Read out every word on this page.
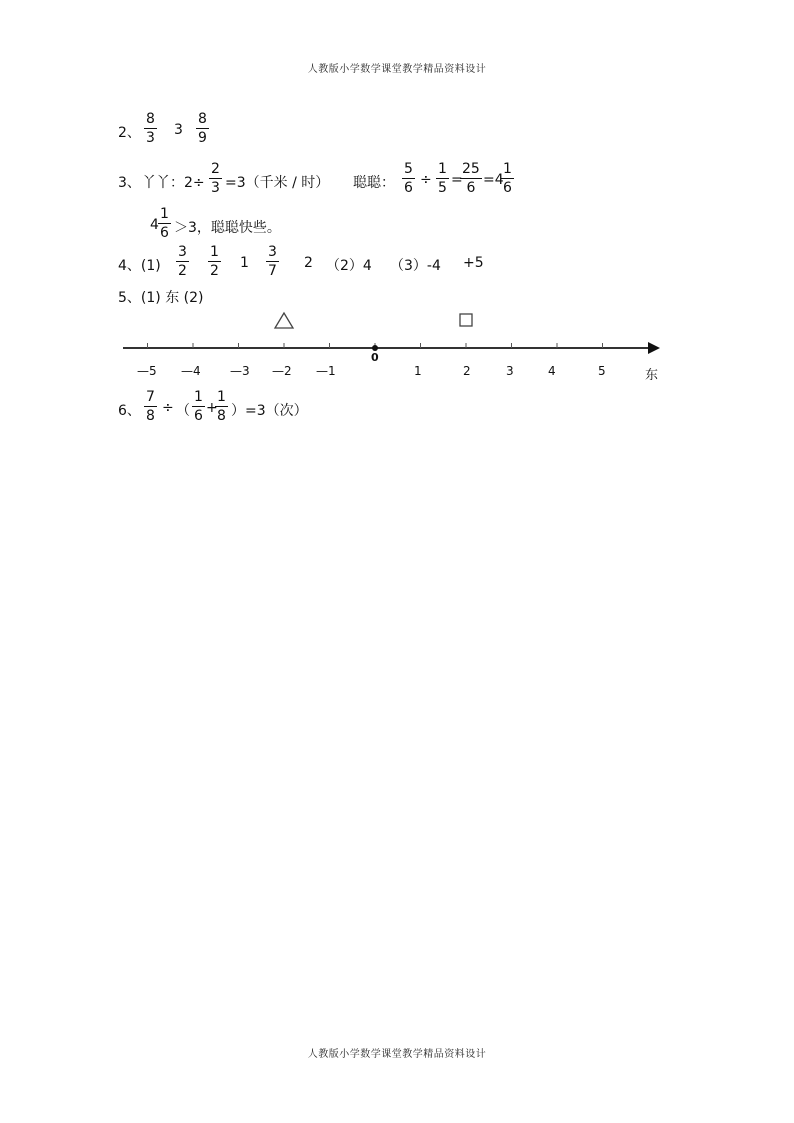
人教版小学数学课堂教学精品资料设计
2、
8
3 3
8
9
3、 丫丫：2÷
2
3 =3（千米 / 时） 聪聪：
5
6 ÷
1
5 =
25
6 =4
1
6
4
1
6 ＞3，聪聪快些。
4、(1)
3
2
1
2 1
3
7 2 （2）4 （3）-4 +5
5、(1) 东 (2)
—5 —4 —3 —2 —1
0
1	2	3	4	5	东
6、
7
8 ÷ （
1
6 +
1
8 ）=3（次）
人教版小学数学课堂教学精品资料设计
